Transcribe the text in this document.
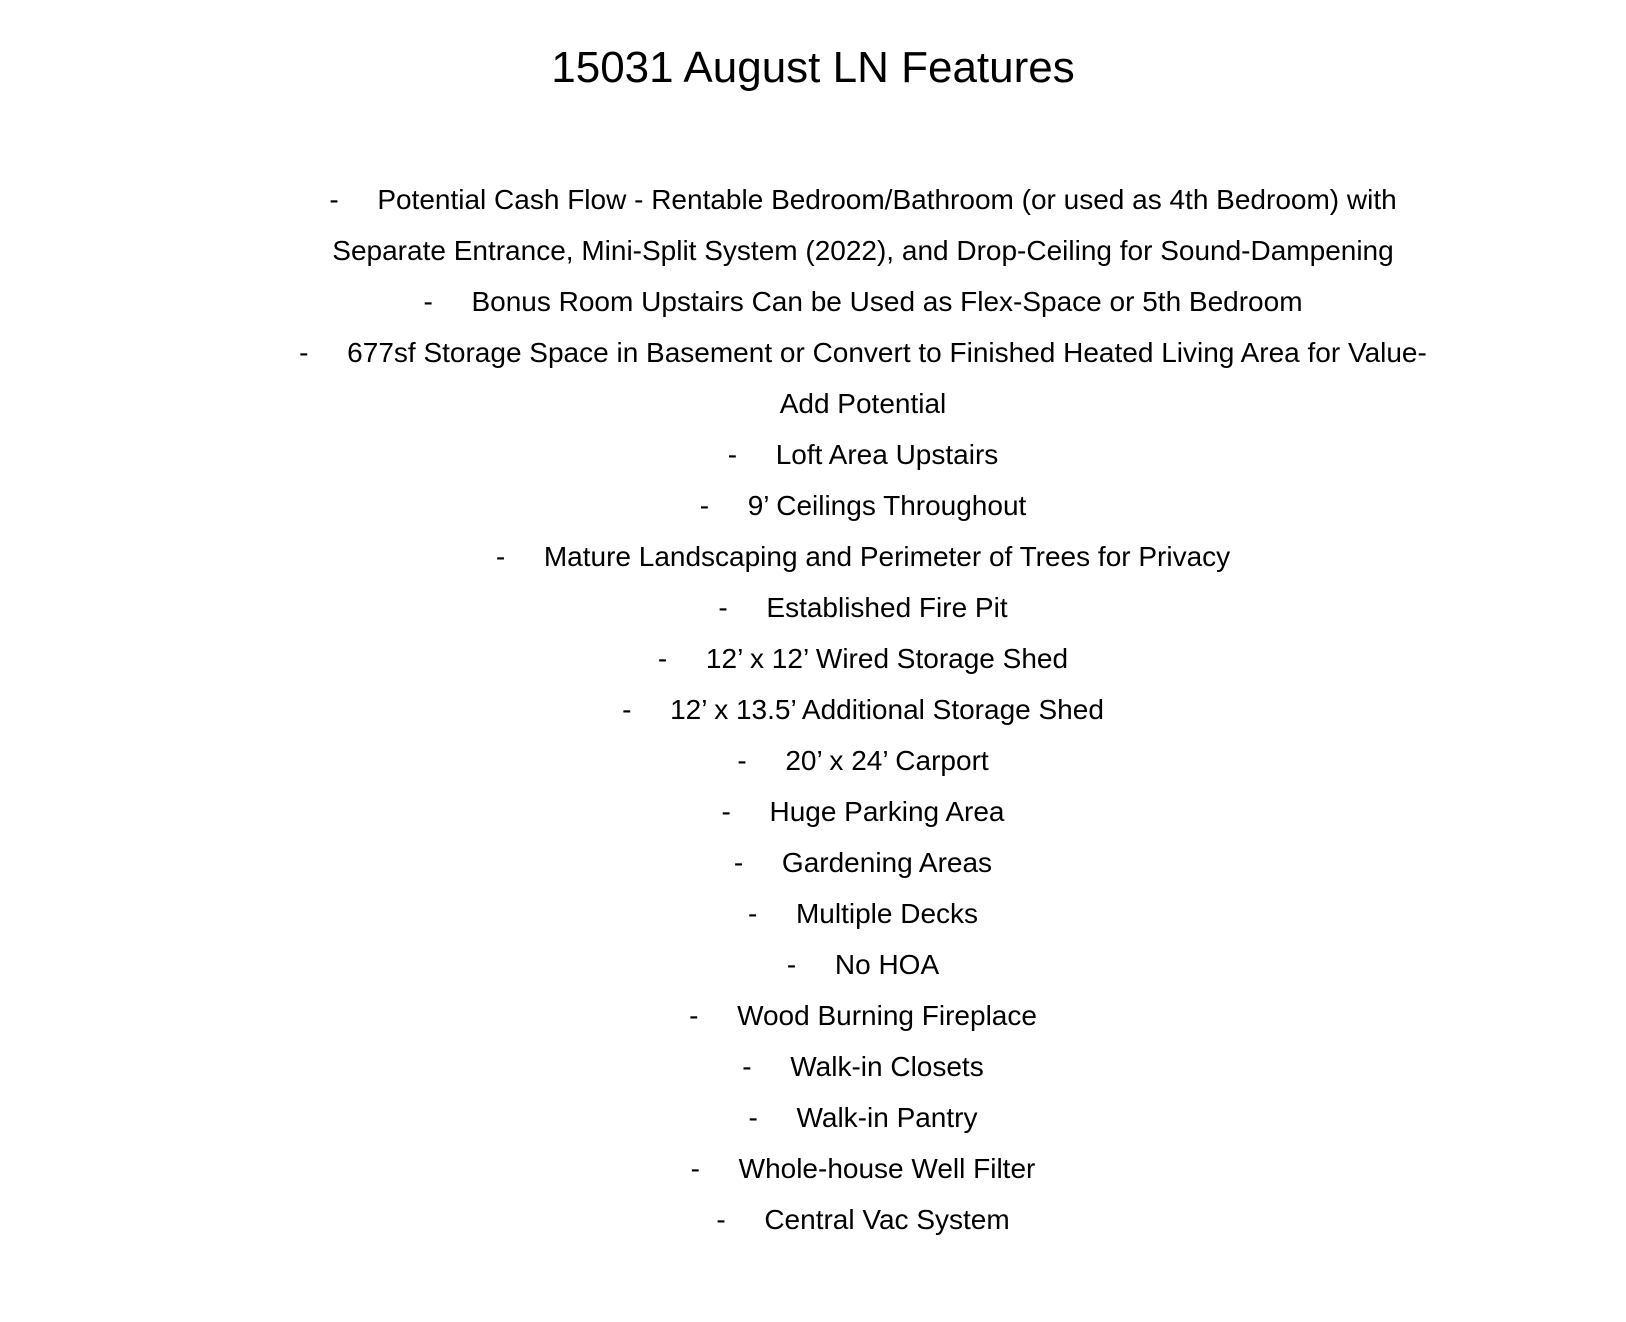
15031 August LN Features
- Potential Cash Flow - Rentable Bedroom/Bathroom (or used as 4th Bedroom) with Separate Entrance, Mini-Split System (2022), and Drop-Ceiling for Sound-Dampening
- Bonus Room Upstairs Can be Used as Flex-Space or 5th Bedroom
- 677sf Storage Space in Basement or Convert to Finished Heated Living Area for Value-Add Potential
- Loft Area Upstairs
- 9’ Ceilings Throughout
- Mature Landscaping and Perimeter of Trees for Privacy
- Established Fire Pit
- 12’ x 12’ Wired Storage Shed
- 12’ x 13.5’ Additional Storage Shed
- 20’ x 24’ Carport
- Huge Parking Area
- Gardening Areas
- Multiple Decks
- No HOA
- Wood Burning Fireplace
- Walk-in Closets
- Walk-in Pantry
- Whole-house Well Filter
- Central Vac System
